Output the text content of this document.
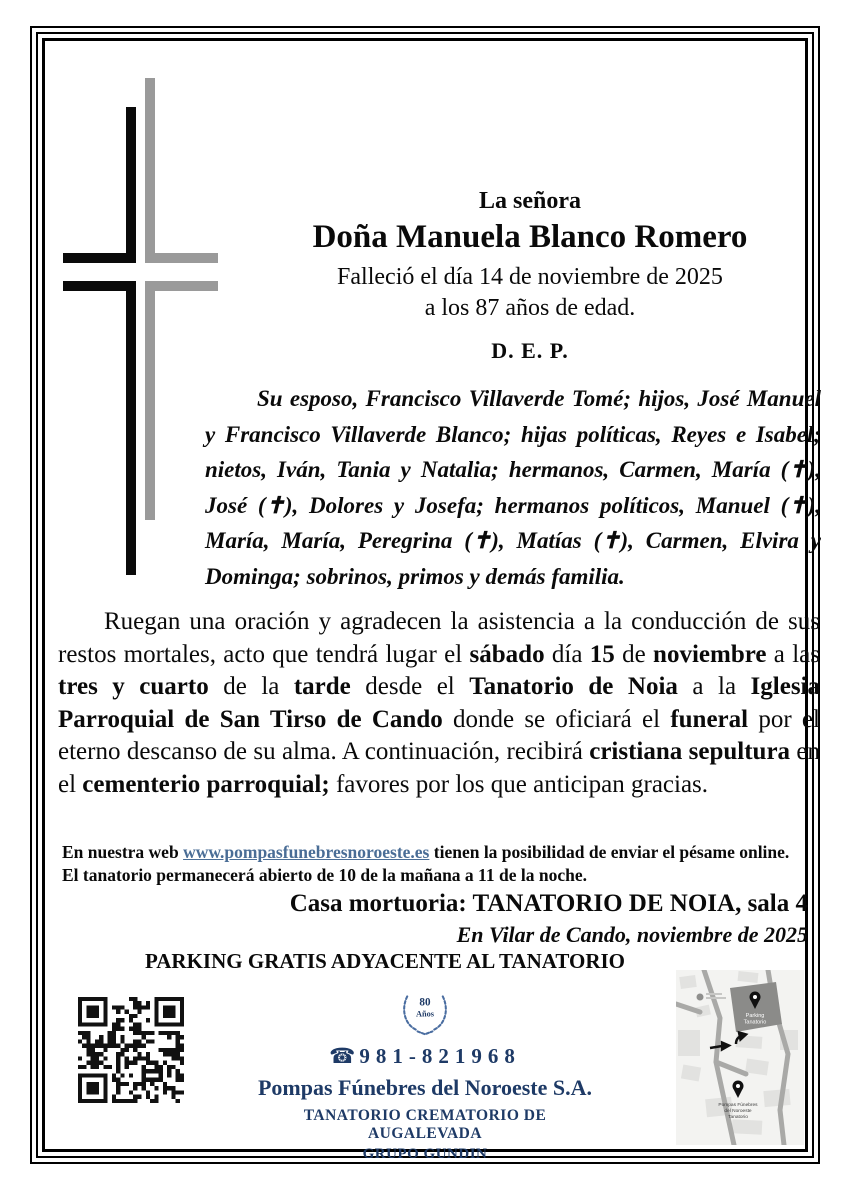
La señora
Doña Manuela Blanco Romero
Falleció el día 14 de noviembre de 2025
a los 87 años de edad.
D. E. P.
Su esposo, Francisco Villaverde Tomé; hijos, José Manuel y Francisco Villaverde Blanco; hijas políticas, Reyes e Isabel; nietos, Iván, Tania y Natalia; hermanos, Carmen, María (✝), José (✝), Dolores y Josefa; hermanos políticos, Manuel (✝), María, María, Peregrina (✝), Matías (✝), Carmen, Elvira y Dominga; sobrinos, primos y demás familia.
Ruegan una oración y agradecen la asistencia a la conducción de sus restos mortales, acto que tendrá lugar el sábado día 15 de noviembre a las tres y cuarto de la tarde desde el Tanatorio de Noia a la Iglesia Parroquial de San Tirso de Cando donde se oficiará el funeral por el eterno descanso de su alma. A continuación, recibirá cristiana sepultura en el cementerio parroquial; favores por los que anticipan gracias.
En nuestra web www.pompasfunebresnoroeste.es tienen la posibilidad de enviar el pésame online.
El tanatorio permanecerá abierto de 10 de la mañana a 11 de la noche.
Casa mortuoria: TANATORIO DE NOIA, sala 4
En Vilar de Cando, noviembre de 2025
PARKING GRATIS ADYACENTE AL TANATORIO
80
Años
☎ 981-821968
Pompas Fúnebres del Noroeste S.A.
TANATORIO CREMATORIO DE AUGALEVADA
GRUPO GUNDIN
Parking
Tanatorio
Pompas Fúnebres
del Noroeste
Tanatorio
